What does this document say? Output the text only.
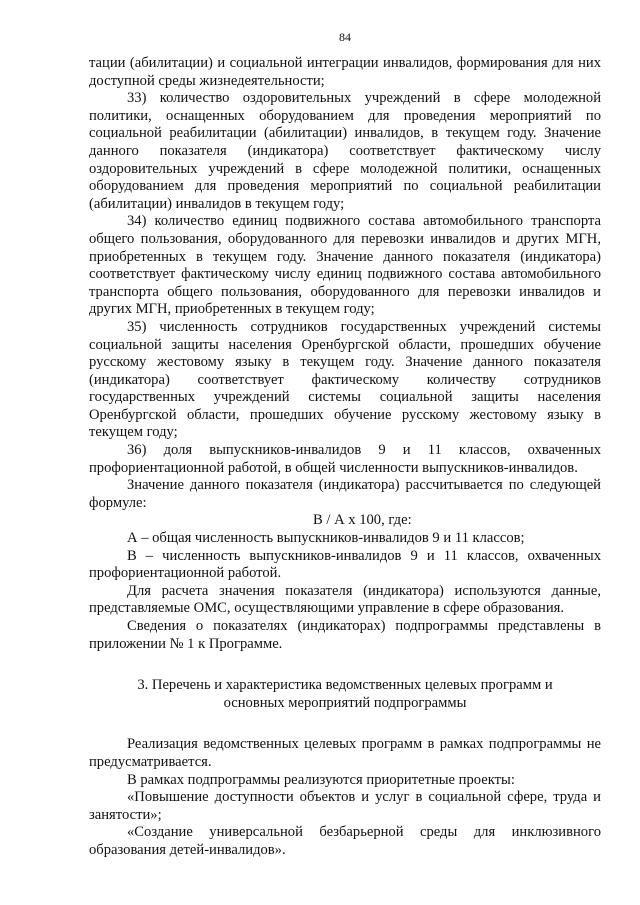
84

тации (абилитации) и социальной интеграции инвалидов, формирования для них доступной среды жизнедеятельности;

33) количество оздоровительных учреждений в сфере молодежной политики, оснащенных оборудованием для проведения мероприятий по социальной реабилитации (абилитации) инвалидов, в текущем году. Значение данного показателя (индикатора) соответствует фактическому числу оздоровительных учреждений в сфере молодежной политики, оснащенных оборудованием для проведения мероприятий по социальной реабилитации (абилитации) инвалидов в текущем году;

34) количество единиц подвижного состава автомобильного транспорта общего пользования, оборудованного для перевозки инвалидов и других МГН, приобретенных в текущем году. Значение данного показателя (индикатора) соответствует фактическому числу единиц подвижного состава автомобильного транспорта общего пользования, оборудованного для перевозки инвалидов и других МГН, приобретенных в текущем году;

35) численность сотрудников государственных учреждений системы социальной защиты населения Оренбургской области, прошедших обучение русскому жестовому языку в текущем году. Значение данного показателя (индикатора) соответствует фактическому количеству сотрудников государственных учреждений системы социальной защиты населения Оренбургской области, прошедших обучение русскому жестовому языку в текущем году;

36) доля выпускников-инвалидов 9 и 11 классов, охваченных профориентационной работой, в общей численности выпускников-инвалидов.

Значение данного показателя (индикатора) рассчитывается по следующей формуле:

В / А х 100, где:

А – общая численность выпускников-инвалидов 9 и 11 классов;

В – численность выпускников-инвалидов 9 и 11 классов, охваченных профориентационной работой.

Для расчета значения показателя (индикатора) используются данные, представляемые ОМС, осуществляющими управление в сфере образования.

Сведения о показателях (индикаторах) подпрограммы представлены в приложении № 1 к Программе.

3. Перечень и характеристика ведомственных целевых программ и
основных мероприятий подпрограммы

Реализация ведомственных целевых программ в рамках подпрограммы не предусматривается.

В рамках подпрограммы реализуются приоритетные проекты:

«Повышение доступности объектов и услуг в социальной сфере, труда и занятости»;

«Создание универсальной безбарьерной среды для инклюзивного образования детей-инвалидов».
